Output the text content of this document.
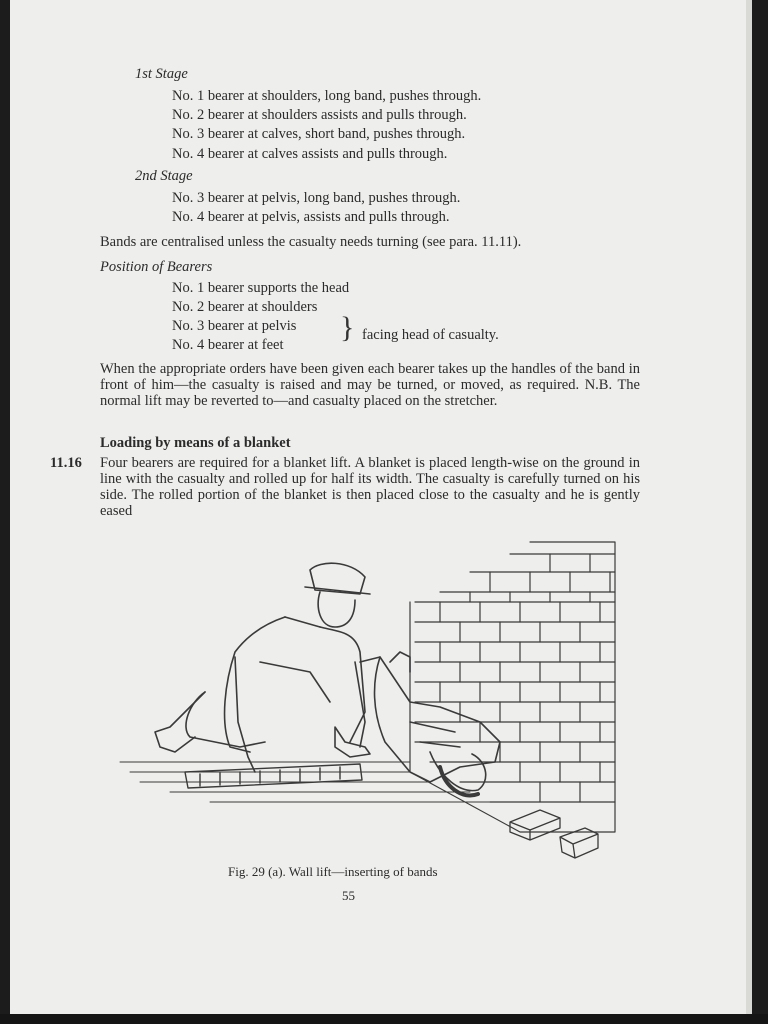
1st Stage
No. 1 bearer at shoulders, long band, pushes through.
No. 2 bearer at shoulders assists and pulls through.
No. 3 bearer at calves, short band, pushes through.
No. 4 bearer at calves assists and pulls through.
2nd Stage
No. 3 bearer at pelvis, long band, pushes through.
No. 4 bearer at pelvis, assists and pulls through.
Bands are centralised unless the casualty needs turning (see para. 11.11).
Position of Bearers
No. 1 bearer supports the head
No. 2 bearer at shoulders
No. 3 bearer at pelvis
No. 4 bearer at feet
} facing head of casualty.
When the appropriate orders have been given each bearer takes up the handles of the band in front of him—the casualty is raised and may be turned, or moved, as required. N.B. The normal lift may be reverted to—and casualty placed on the stretcher.
Loading by means of a blanket
11.16 Four bearers are required for a blanket lift. A blanket is placed length-wise on the ground in line with the casualty and rolled up for half its width. The casualty is carefully turned on his side. The rolled portion of the blanket is then placed close to the casualty and he is gently eased
Fig. 29 (a). Wall lift—inserting of bands
55
